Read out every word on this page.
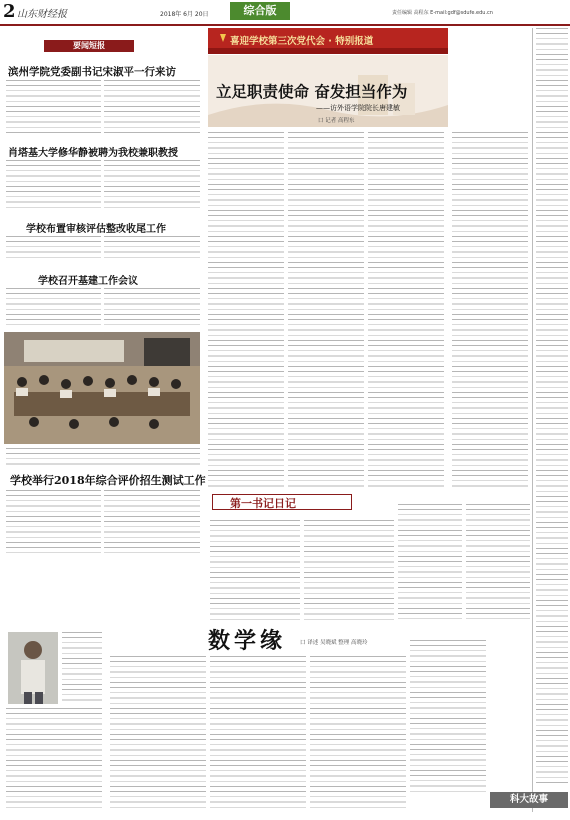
2 山东财经报	2018年 6月 20日	综合版	责任编辑 高程东 E-mail:gdf@sdufe.edu.cn
要闻短报
滨州学院党委副书记宋淑平一行来访
肖塔基大学修华静被聘为我校兼职教授
学校布置审核评估整改收尾工作
学校召开基建工作会议
学校举行2018年综合评价招生测试工作
喜迎学校第三次党代会 · 特别报道
立足职责使命 奋发担当作为
——访外语学院院长唐建敏
口 记者 高程东
第一书记日记
数学缘	口 译述 吴晓斌 整理 高晓玲
科大故事
